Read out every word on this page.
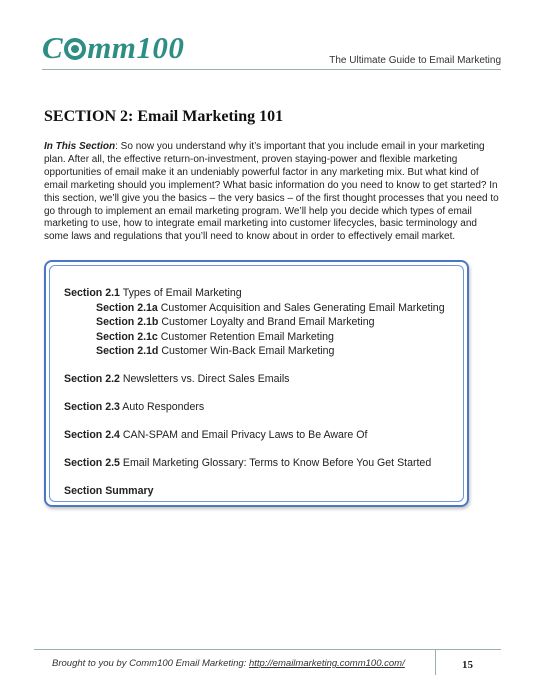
C mm100	The Ultimate Guide to Email Marketing
SECTION 2: Email Marketing 101

In This Section: So now you understand why it’s important that you include email in your marketing plan. After all, the effective return-on-investment, proven staying-power and flexible marketing opportunities of email make it an undeniably powerful factor in any marketing mix. But what kind of email marketing should you implement? What basic information do you need to know to get started? In this section, we’ll give you the basics – the very basics – of the first thought processes that you need to go through to implement an email marketing program. We’ll help you decide which types of email marketing to use, how to integrate email marketing into customer lifecycles, basic terminology and some laws and regulations that you’ll need to know about in order to effectively email market.

Section 2.1 Types of Email Marketing
Section 2.1a Customer Acquisition and Sales Generating Email Marketing
Section 2.1b Customer Loyalty and Brand Email Marketing
Section 2.1c Customer Retention Email Marketing
Section 2.1d Customer Win-Back Email Marketing
Section 2.2 Newsletters vs. Direct Sales Emails
Section 2.3 Auto Responders
Section 2.4 CAN-SPAM and Email Privacy Laws to Be Aware Of
Section 2.5 Email Marketing Glossary: Terms to Know Before You Get Started
Section Summary
Brought to you by Comm100 Email Marketing: http://emailmarketing.comm100.com/	15
